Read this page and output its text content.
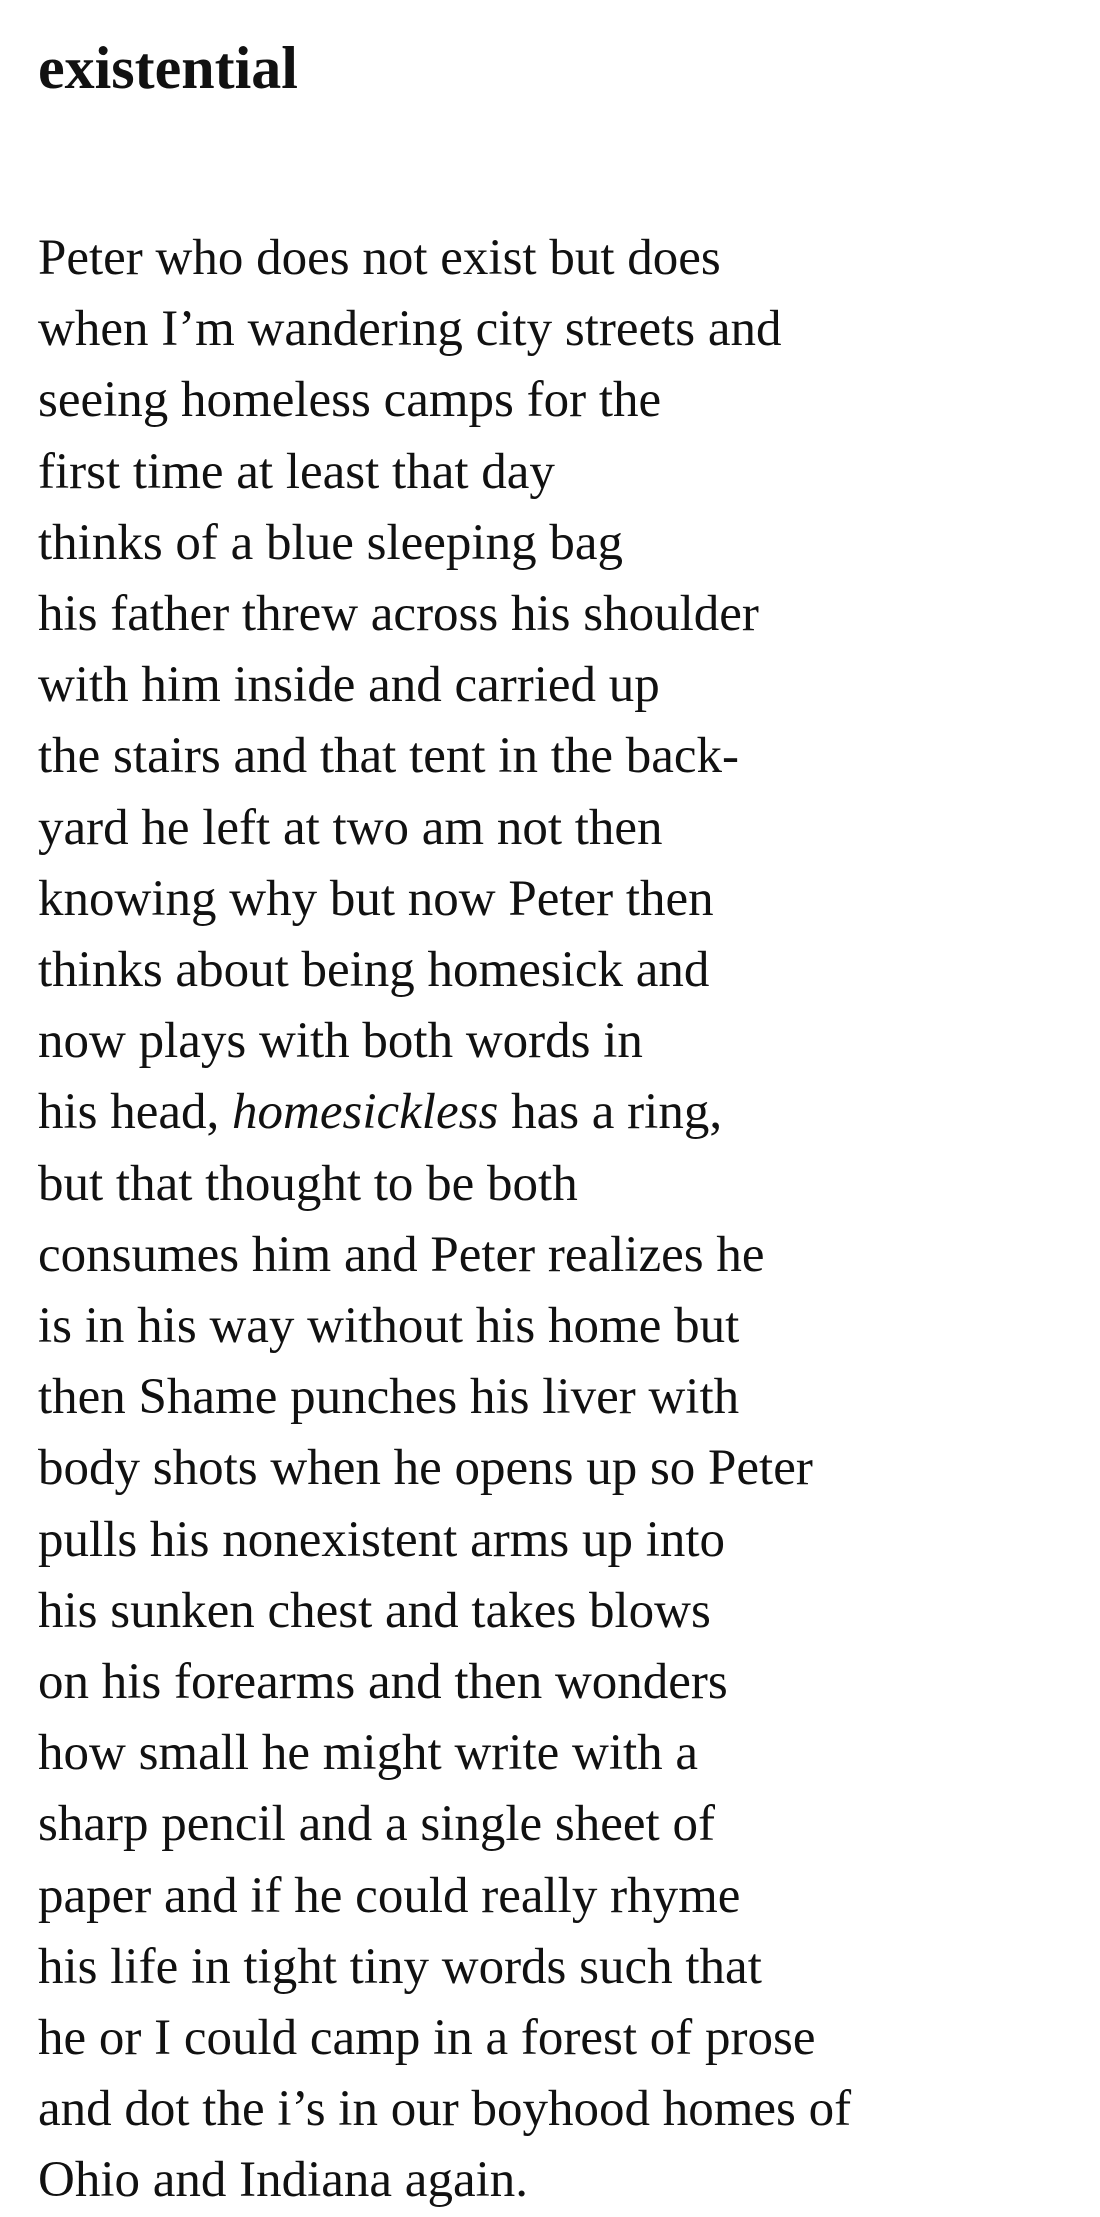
existential
Peter who does not exist but does
when I’m wandering city streets and
seeing homeless camps for the
first time at least that day
thinks of a blue sleeping bag
his father threw across his shoulder
with him inside and carried up
the stairs and that tent in the back-
yard he left at two am not then
knowing why but now Peter then
thinks about being homesick and
now plays with both words in
his head, homesickless has a ring,
but that thought to be both
consumes him and Peter realizes he
is in his way without his home but
then Shame punches his liver with
body shots when he opens up so Peter
pulls his nonexistent arms up into
his sunken chest and takes blows
on his forearms and then wonders
how small he might write with a
sharp pencil and a single sheet of
paper and if he could really rhyme
his life in tight tiny words such that
he or I could camp in a forest of prose
and dot the i’s in our boyhood homes of
Ohio and Indiana again.
